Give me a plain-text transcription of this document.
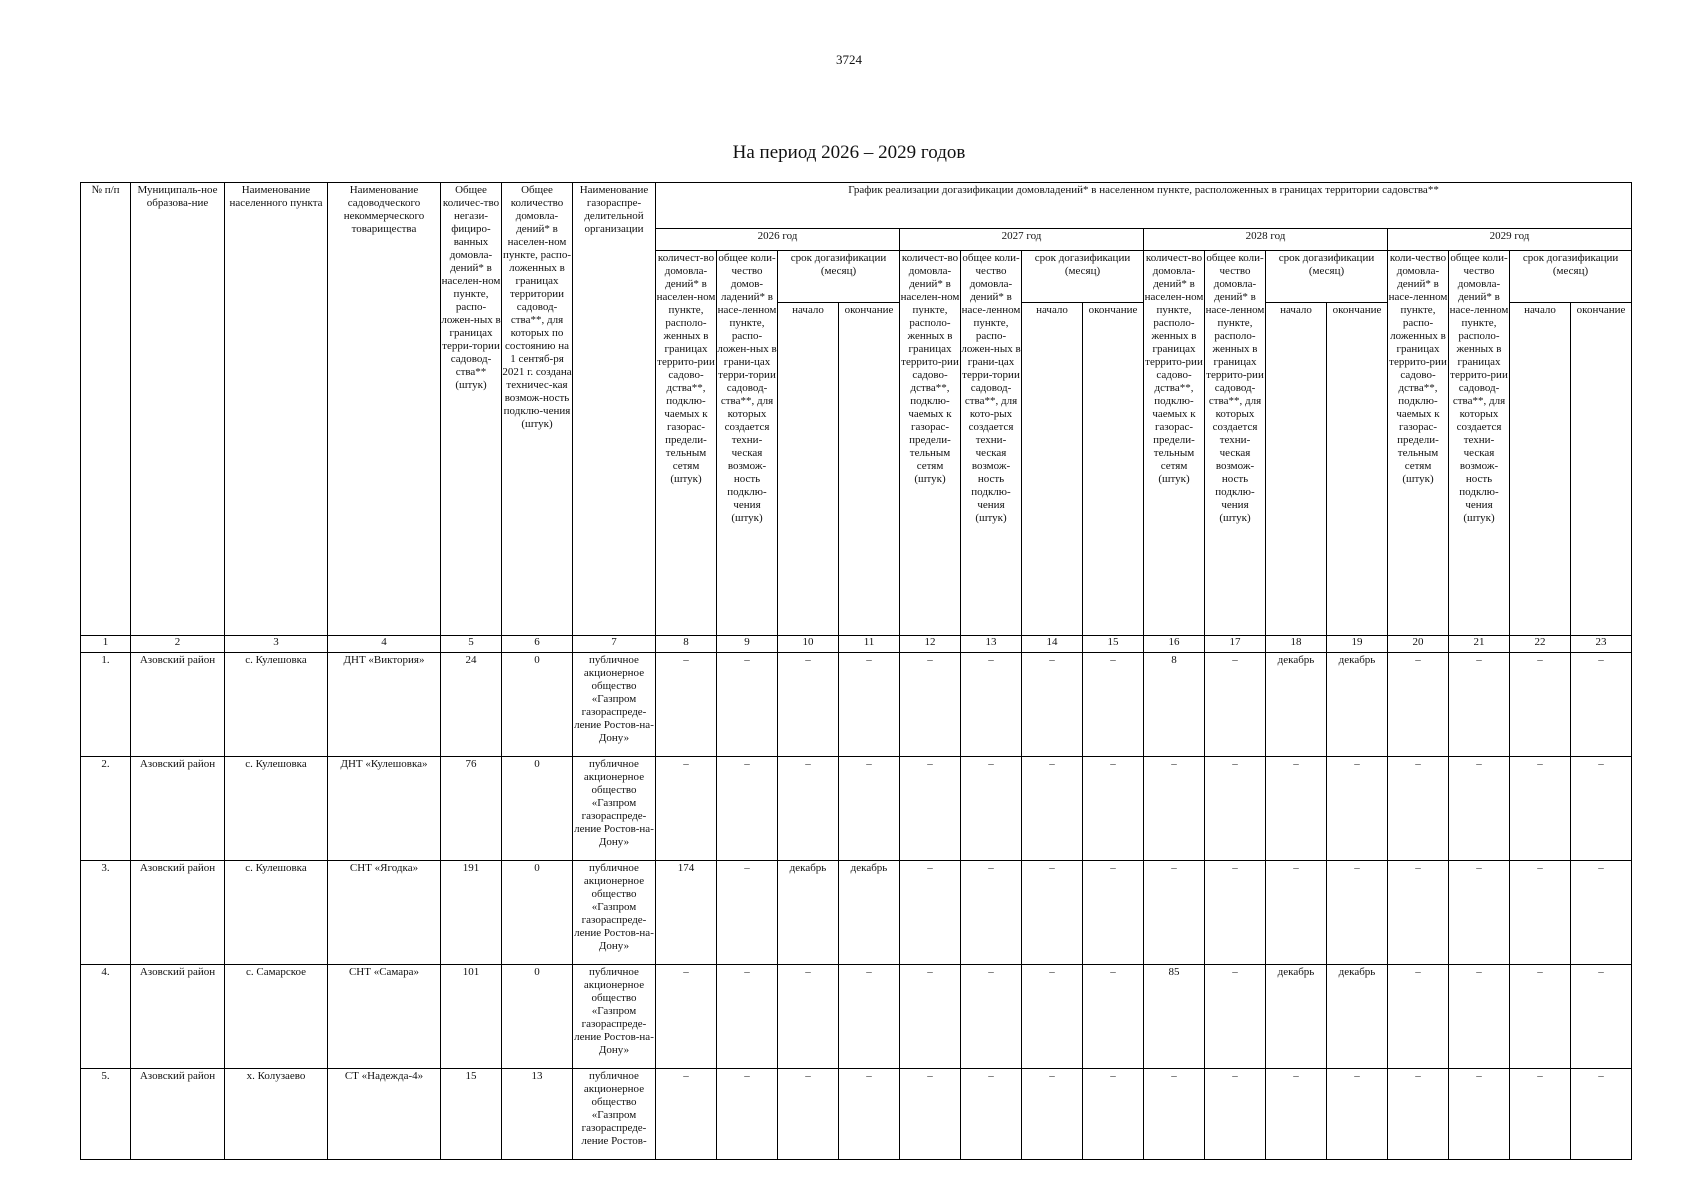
3724
На период 2026 – 2029 годов
№ п/п	Муниципаль-ное образова-ние	Наименование населенного пункта	Наименование садоводческого некоммерческого товарищества	Общее количес-тво негази-фициро-ванных домовла-дений* в населен-ном пункте, распо-ложен-ных в границах терри-тории садовод-ства** (штук)	Общее количество домовла-дений* в населен-ном пункте, распо-ложенных в границах территории садовод-ства**, для которых по состоянию на 1 сентяб-ря 2021 г. создана техничес-кая возмож-ность подклю-чения (штук)	Наименование газораспре-делительной организации	График реализации догазификации домовладений* в населенном пункте, расположенных в границах территории садовства**															
							2026 год				2027 год				2028 год				2029 год			
							количест-во домовла-дений* в населен-ном пункте, располо-женных в границах террито-рии садово-дства**, подклю-чаемых к газорас-предели-тельным сетям (штук)	общее коли-чество домов-ладений* в насе-ленном пункте, распо-ложен-ных в грани-цах терри-тории садовод-ства**, для которых создается техни-ческая возмож-ность подклю-чения (штук)	срок догазификации (месяц)		количест-во домовла-дений* в населен-ном пункте, располо-женных в границах террито-рии садово-дства**, подклю-чаемых к газорас-предели-тельным сетям (штук)	общее коли-чество домовла-дений* в насе-ленном пункте, распо-ложен-ных в грани-цах терри-тории садовод-ства**, для кото-рых создается техни-ческая возмож-ность подклю-чения (штук)	срок догазификации (месяц)		количест-во домовла-дений* в населен-ном пункте, располо-женных в границах террито-рии садово-дства**, подклю-чаемых к газорас-предели-тельным сетям (штук)	общее коли-чество домовла-дений* в насе-ленном пункте, располо-женных в границах террито-рии садовод-ства**, для которых создается техни-ческая возмож-ность подклю-чения (штук)	срок догазификации (месяц)		коли-чество домовла-дений* в насе-ленном пункте, распо-ложенных в границах террито-рии садово-дства**, подклю-чаемых к газорас-предели-тельным сетям (штук)	общее коли-чество домовла-дений* в насе-ленном пункте, располо-женных в границах террито-рии садовод-ства**, для которых создается техни-ческая возмож-ность подклю-чения (штук)	срок догазификации (месяц)	
									начало	окончание			начало	окончание			начало	окончание			начало	окончание
1	2	3	4	5	6	7	8	9	10	11	12	13	14	15	16	17	18	19	20	21	22	23
1.	Азовский район	с. Кулешовка	ДНТ «Виктория»	24	0	публичное акционерное общество «Газпром газораспреде-ление Ростов-на-Дону»	–	–	–	–	–	–	–	–	8	–	декабрь	декабрь	–	–	–	–
2.	Азовский район	с. Кулешовка	ДНТ «Кулешовка»	76	0	публичное акционерное общество «Газпром газораспреде-ление Ростов-на-Дону»	–	–	–	–	–	–	–	–	–	–	–	–	–	–	–	–
3.	Азовский район	с. Кулешовка	СНТ «Ягодка»	191	0	публичное акционерное общество «Газпром газораспреде-ление Ростов-на-Дону»	174	–	декабрь	декабрь	–	–	–	–	–	–	–	–	–	–	–	–
4.	Азовский район	с. Самарское	СНТ «Самара»	101	0	публичное акционерное общество «Газпром газораспреде-ление Ростов-на-Дону»	–	–	–	–	–	–	–	–	85	–	декабрь	декабрь	–	–	–	–
5.	Азовский район	х. Колузаево	СТ «Надежда-4»	15	13	публичное акционерное общество «Газпром газораспреде-ление Ростов-	–	–	–	–	–	–	–	–	–	–	–	–	–	–	–	–
